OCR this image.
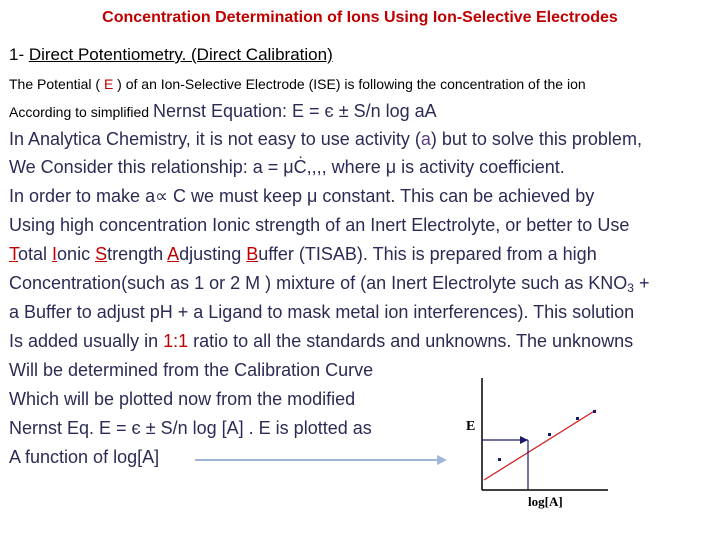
Concentration Determination of Ions Using Ion-Selective Electrodes
1- Direct Potentiometry. (Direct Calibration)
The Potential ( E ) of an Ion-Selective Electrode (ISE) is following the concentration of the ion
According to simplified Nernst Equation: E = є ± S/n log aA
In Analytica Chemistry, it is not easy to use activity (a) but to solve this problem,
We Consider this relationship: a = μĊ,,,, where μ is activity coefficient.
In order to make a∝ C we must keep μ constant. This can be achieved by
Using high concentration Ionic strength of an Inert Electrolyte, or better to Use
Total Ionic Strength Adjusting Buffer (TISAB). This is prepared from a high
Concentration(such as 1 or 2 M ) mixture of (an Inert Electrolyte such as $KNO_3$ +
a Buffer to adjust pH + a Ligand to mask metal ion interferences). This solution
Is added usually in 1:1 ratio to all the standards and unknowns. The unknowns
Will be determined from the Calibration Curve
Which will be plotted now from the modified
Nernst Eq. E = є ± S/n log [A] . E is plotted as
A function of log[A]
E
log[A]
